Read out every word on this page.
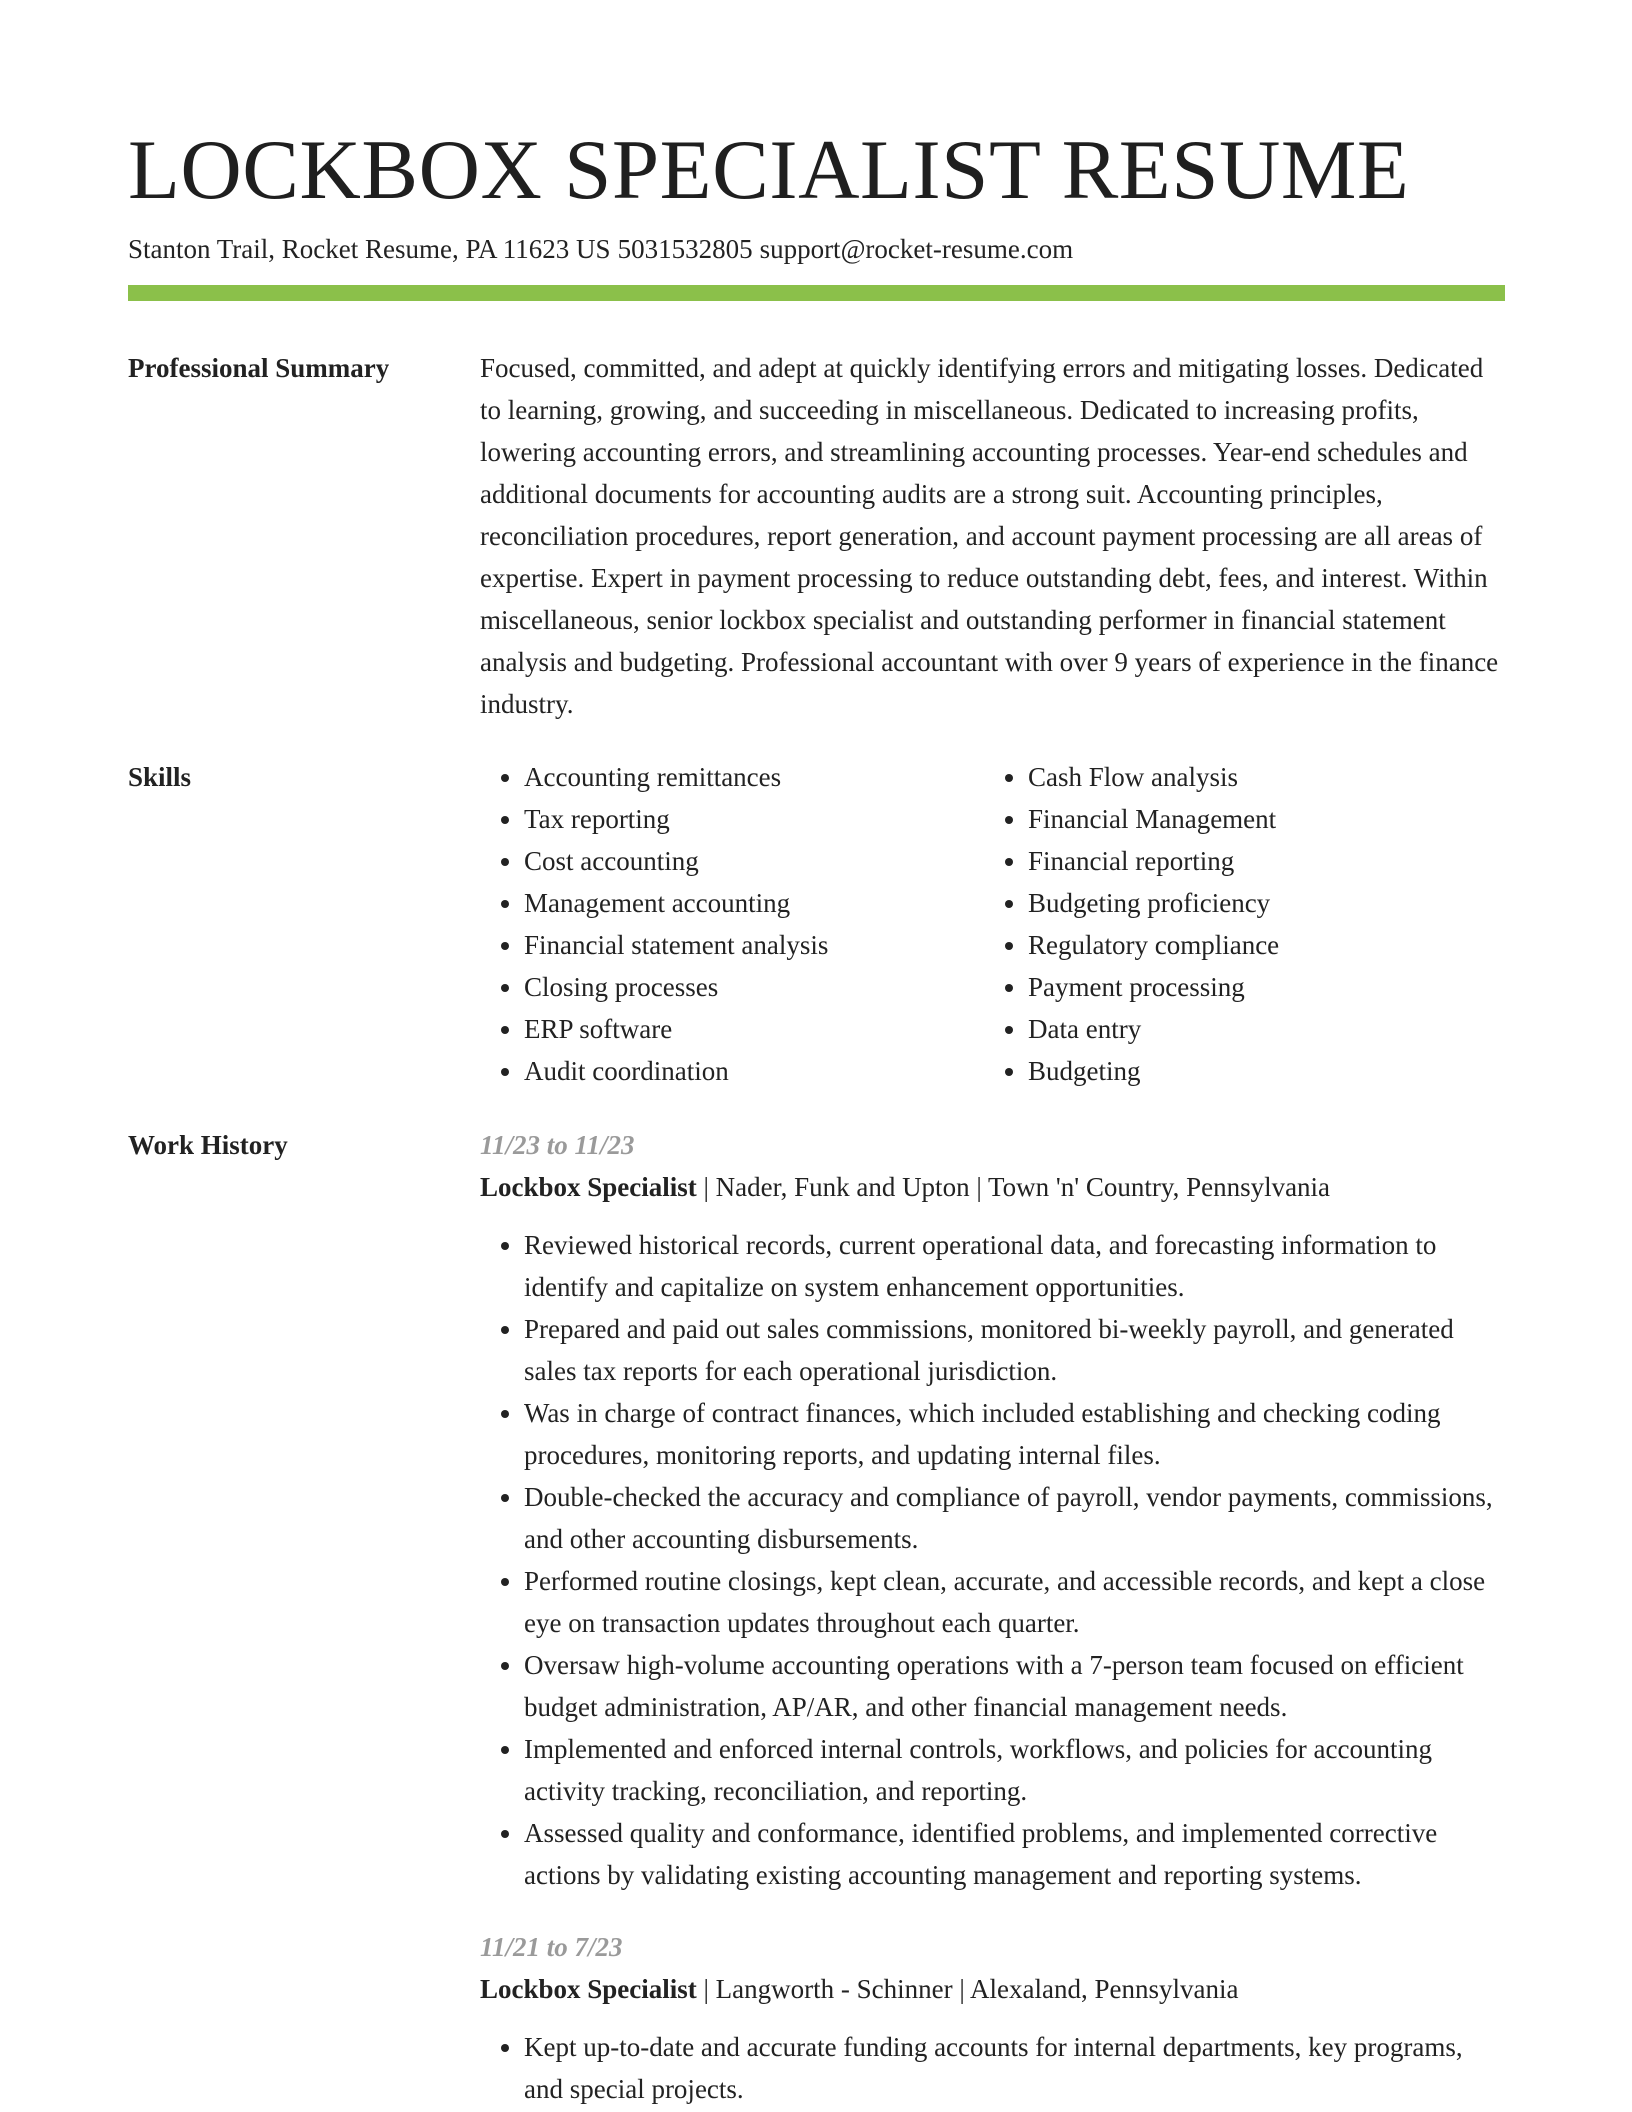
LOCKBOX SPECIALIST RESUME
Stanton Trail, Rocket Resume, PA 11623 US 5031532805 support@rocket-resume.com
Professional Summary	Focused, committed, and adept at quickly identifying errors and mitigating losses. Dedicated to learning, growing, and succeeding in miscellaneous. Dedicated to increasing profits, lowering accounting errors, and streamlining accounting processes. Year-end schedules and additional documents for accounting audits are a strong suit. Accounting principles, reconciliation procedures, report generation, and account payment processing are all areas of expertise. Expert in payment processing to reduce outstanding debt, fees, and interest. Within miscellaneous, senior lockbox specialist and outstanding performer in financial statement analysis and budgeting. Professional accountant with over 9 years of experience in the finance industry.

Skills
•	Accounting remittances
• Tax reporting
• Cost accounting
• Management accounting
• Financial statement analysis
• Closing processes
• ERP software
• Audit coordination
• Cash Flow analysis
• Financial Management
• Financial reporting
• Budgeting proficiency
• Regulatory compliance
• Payment processing
• Data entry
• Budgeting
Work History	11/23 to 11/23
Lockbox Specialist | Nader, Funk and Upton | Town 'n' Country, Pennsylvania
• Reviewed historical records, current operational data, and forecasting information to identify and capitalize on system enhancement opportunities.
• Prepared and paid out sales commissions, monitored bi-weekly payroll, and generated sales tax reports for each operational jurisdiction.
• Was in charge of contract finances, which included establishing and checking coding procedures, monitoring reports, and updating internal files.
• Double-checked the accuracy and compliance of payroll, vendor payments, commissions, and other accounting disbursements.
• Performed routine closings, kept clean, accurate, and accessible records, and kept a close eye on transaction updates throughout each quarter.
• Oversaw high-volume accounting operations with a 7-person team focused on efficient budget administration, AP/AR, and other financial management needs.
• Implemented and enforced internal controls, workflows, and policies for accounting activity tracking, reconciliation, and reporting.
• Assessed quality and conformance, identified problems, and implemented corrective actions by validating existing accounting management and reporting systems.
11/21 to 7/23
Lockbox Specialist | Langworth - Schinner | Alexaland, Pennsylvania
• Kept up-to-date and accurate funding accounts for internal departments, key programs, and special projects.
